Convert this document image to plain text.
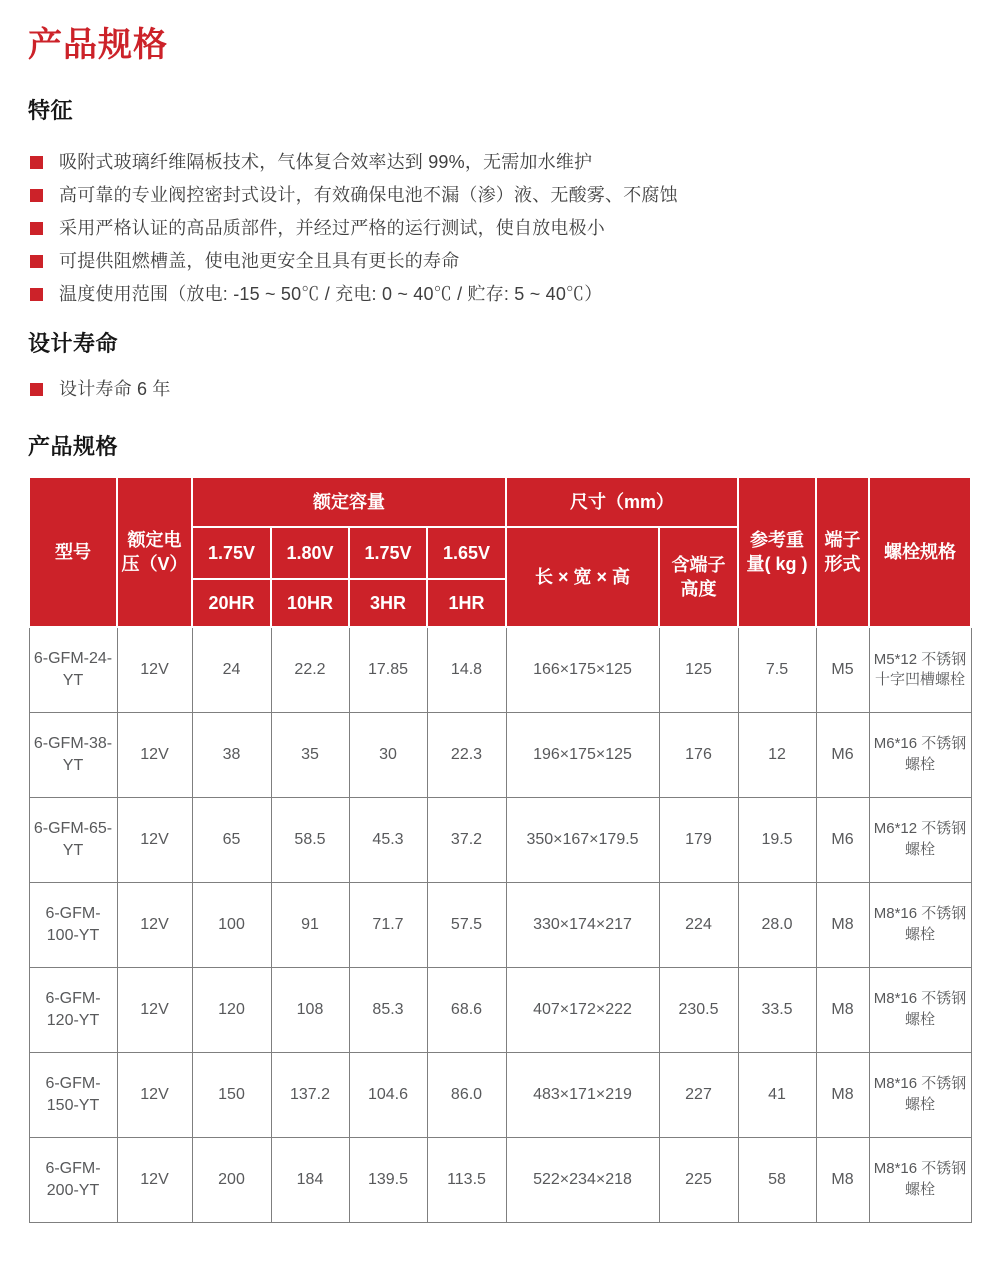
产品规格
特征
吸附式玻璃纤维隔板技术，气体复合效率达到 99%，无需加水维护
高可靠的专业阀控密封式设计，有效确保电池不漏（渗）液、无酸雾、不腐蚀
采用严格认证的高品质部件，并经过严格的运行测试，使自放电极小
可提供阻燃槽盖，使电池更安全且具有更长的寿命
温度使用范围（放电: -15 ~ 50℃ / 充电: 0 ~ 40℃ / 贮存: 5 ~ 40℃）
设计寿命
设计寿命 6 年
产品规格
型号	额定电压（V）	额定容量				尺寸（mm）		参考重量( kg )	端子形式	螺栓规格
		1.75V	1.80V	1.75V	1.65V	长 × 宽 × 高	含端子高度			
		20HR	10HR	3HR	1HR					
6-GFM-24-YT	12V	24	22.2	17.85	14.8	166×175×125	125	7.5	M5	M5*12 不锈钢十字凹槽螺栓
6-GFM-38-YT	12V	38	35	30	22.3	196×175×125	176	12	M6	M6*16 不锈钢螺栓
6-GFM-65-YT	12V	65	58.5	45.3	37.2	350×167×179.5	179	19.5	M6	M6*12 不锈钢螺栓
6-GFM-100-YT	12V	100	91	71.7	57.5	330×174×217	224	28.0	M8	M8*16 不锈钢螺栓
6-GFM-120-YT	12V	120	108	85.3	68.6	407×172×222	230.5	33.5	M8	M8*16 不锈钢螺栓
6-GFM-150-YT	12V	150	137.2	104.6	86.0	483×171×219	227	41	M8	M8*16 不锈钢螺栓
6-GFM-200-YT	12V	200	184	139.5	113.5	522×234×218	225	58	M8	M8*16 不锈钢螺栓
